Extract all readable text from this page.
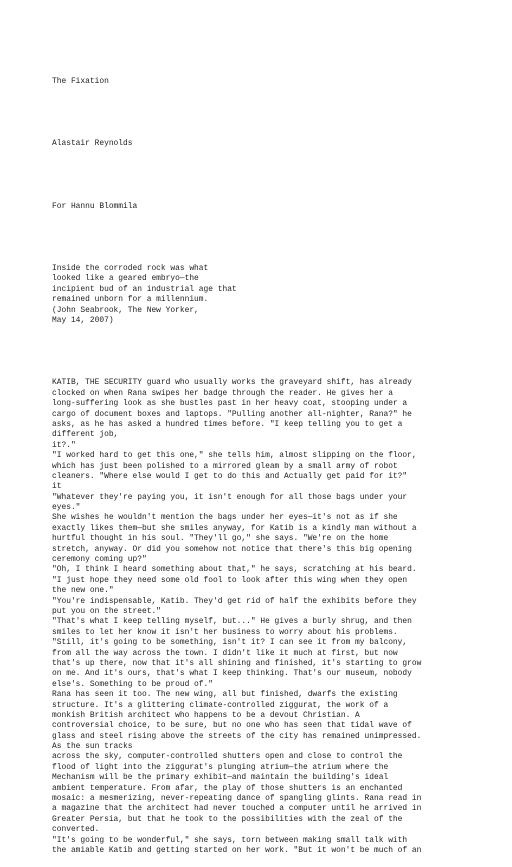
The Fixation

Alastair Reynolds

For Hannu Blommila

Inside the corroded rock was what
looked like a geared embryo—the
incipient bud of an industrial age that
remained unborn for a millennium.
(John Seabrook, The New Yorker,
May 14, 2007)

KATIB, THE SECURITY guard who usually works the graveyard shift, has already
clocked on when Rana swipes her badge through the reader. He gives her a
long-suffering look as she bustles past in her heavy coat, stooping under a
cargo of document boxes and laptops. "Pulling another all-nighter, Rana?" he
asks, as he has asked a hundred times before. "I keep telling you to get a
different job,
it?."
"I worked hard to get this one," she tells him, almost slipping on the floor,
which has just been polished to a mirrored gleam by a small army of robot
cleaners. "Where else would I get to do this and Actually get paid for it?"
it
"Whatever they're paying you, it isn't enough for all those bags under your
eyes."
She wishes he wouldn't mention the bags under her eyes—it's not as if she
exactly likes them—but she smiles anyway, for Katib is a kindly man without a
hurtful thought in his soul. "They'll go," she says. "We're on the home
stretch, anyway. Or did you somehow not notice that there's this big opening
ceremony coming up?"
"Oh, I think I heard something about that," he says, scratching at his beard.
"I just hope they need some old fool to look after this wing when they open
the new one."
"You're indispensable, Katib. They'd get rid of half the exhibits before they
put you on the street."
"That's what I keep telling myself, but..." He gives a burly shrug, and then
smiles to let her know it isn't her business to worry about his problems.
"Still, it's going to be something, isn't it? I can see it from my balcony,
from all the way across the town. I didn't like it much at first, but now
that's up there, now that it's all shining and finished, it's starting to grow
on me. And it's ours, that's what I keep thinking. That's our museum, nobody
else's. Something to be proud of."
Rana has seen it too. The new wing, all but finished, dwarfs the existing
structure. It's a glittering climate-controlled ziggurat, the work of a
monkish British architect who happens to be a devout Christian. A
controversial choice, to be sure, but no one who has seen that tidal wave of
glass and steel rising above the streets of the city has remained unimpressed.
As the sun tracks
across the sky, computer-controlled shutters open and close to control the
flood of light into the ziggurat's plunging atrium—the atrium where the
Mechanism will be the primary exhibit—and maintain the building's ideal
ambient temperature. From afar, the play of those shutters is an enchanted
mosaic: a mesmerizing, never-repeating dance of spangling glints. Rana read in
a magazine that the architect had never touched a computer until he arrived in
Greater Persia, but that he took to the possibilities with the zeal of the
converted.
"It's going to be wonderful," she says, torn between making small talk with
the amiable Katib and getting started on her work. "But it won't be much of an
